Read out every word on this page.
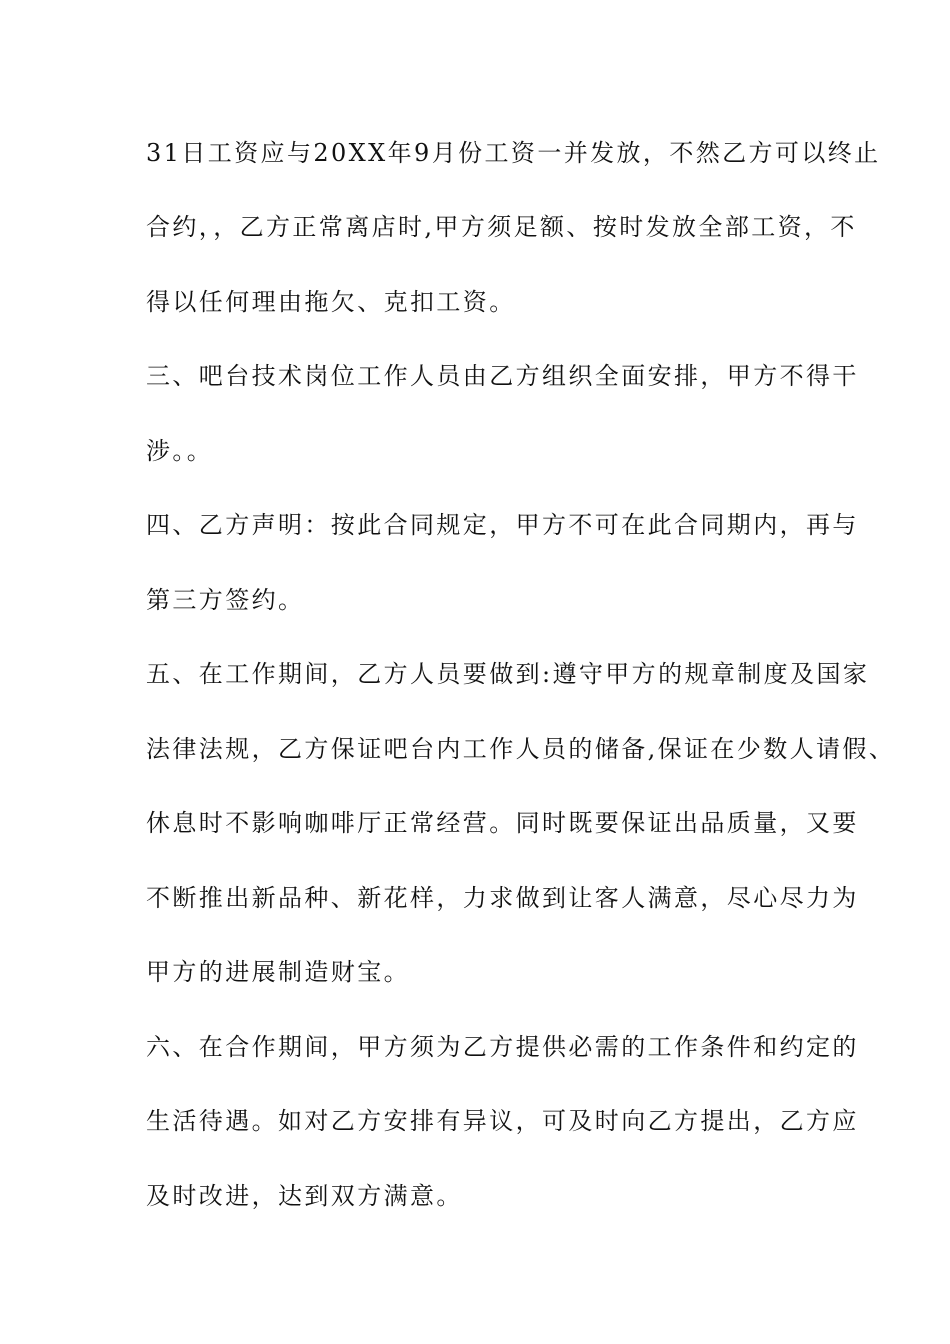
31日工资应与20XX年9月份工资一并发放，不然乙方可以终止
合约，，乙方正常离店时,甲方须足额、按时发放全部工资，不
得以任何理由拖欠、克扣工资。
三、吧台技术岗位工作人员由乙方组织全面安排，甲方不得干
涉。。
四、乙方声明：按此合同规定，甲方不可在此合同期内，再与
第三方签约。
五、在工作期间，乙方人员要做到:遵守甲方的规章制度及国家
法律法规，乙方保证吧台内工作人员的储备,保证在少数人请假、
休息时不影响咖啡厅正常经营。同时既要保证出品质量，又要
不断推出新品种、新花样，力求做到让客人满意，尽心尽力为
甲方的进展制造财宝。
六、在合作期间，甲方须为乙方提供必需的工作条件和约定的
生活待遇。如对乙方安排有异议，可及时向乙方提出，乙方应
及时改进，达到双方满意。
